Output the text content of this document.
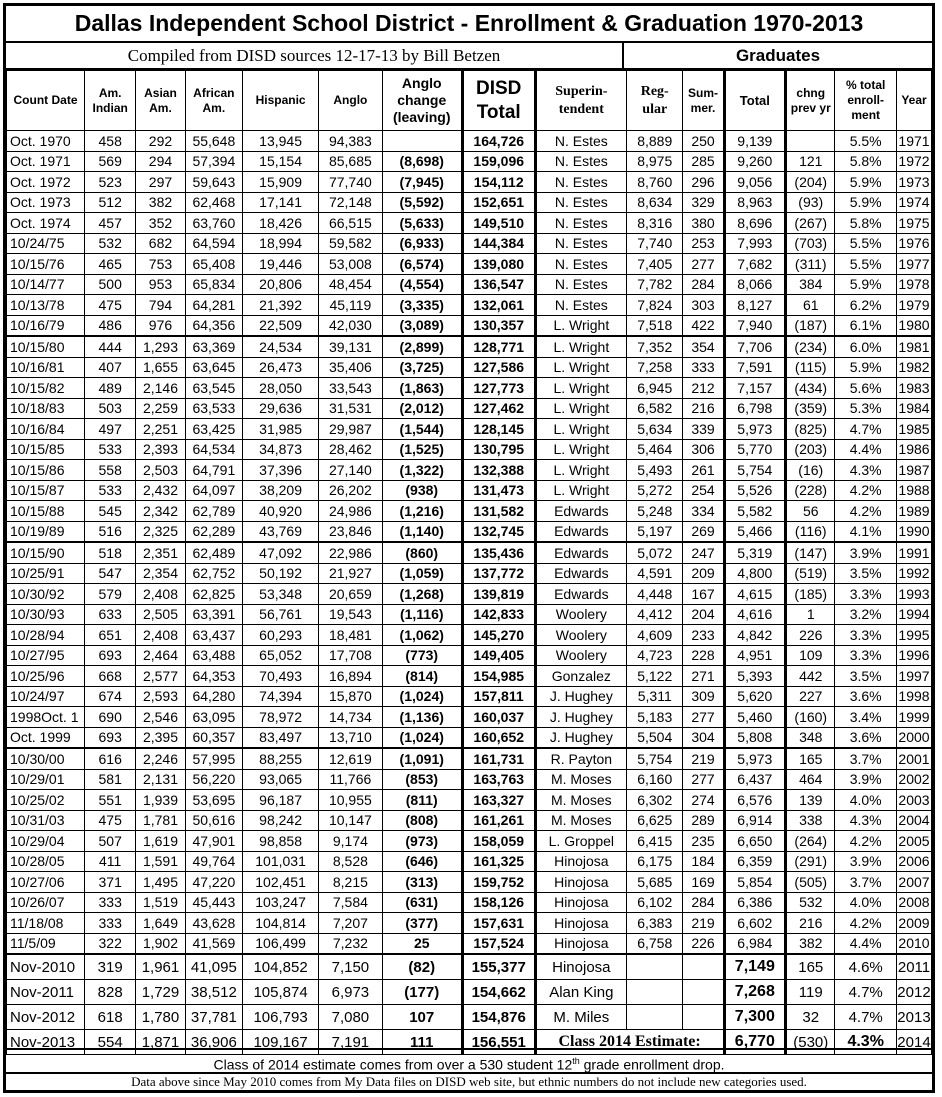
Dallas Independent School District - Enrollment & Graduation 1970-2013
Compiled from DISD sources 12-17-13 by Bill Betzen	Graduates
Count Date	Am. Indian	Asian Am.	African Am.	Hispanic	Anglo	Anglo change (leaving)	DISD Total	Superin- tendent	Reg- ular	Sum- mer.	Total	chng prev yr	% total enroll- ment	Year
Oct. 1970	458	292	55,648	13,945	94,383		164,726	N. Estes	8,889	250	9,139		5.5%	1971
Oct. 1971	569	294	57,394	15,154	85,685	(8,698)	159,096	N. Estes	8,975	285	9,260	121	5.8%	1972
Oct. 1972	523	297	59,643	15,909	77,740	(7,945)	154,112	N. Estes	8,760	296	9,056	(204)	5.9%	1973
Oct. 1973	512	382	62,468	17,141	72,148	(5,592)	152,651	N. Estes	8,634	329	8,963	(93)	5.9%	1974
Oct. 1974	457	352	63,760	18,426	66,515	(5,633)	149,510	N. Estes	8,316	380	8,696	(267)	5.8%	1975
10/24/75	532	682	64,594	18,994	59,582	(6,933)	144,384	N. Estes	7,740	253	7,993	(703)	5.5%	1976
10/15/76	465	753	65,408	19,446	53,008	(6,574)	139,080	N. Estes	7,405	277	7,682	(311)	5.5%	1977
10/14/77	500	953	65,834	20,806	48,454	(4,554)	136,547	N. Estes	7,782	284	8,066	384	5.9%	1978
10/13/78	475	794	64,281	21,392	45,119	(3,335)	132,061	N. Estes	7,824	303	8,127	61	6.2%	1979
10/16/79	486	976	64,356	22,509	42,030	(3,089)	130,357	L. Wright	7,518	422	7,940	(187)	6.1%	1980
10/15/80	444	1,293	63,369	24,534	39,131	(2,899)	128,771	L. Wright	7,352	354	7,706	(234)	6.0%	1981
10/16/81	407	1,655	63,645	26,473	35,406	(3,725)	127,586	L. Wright	7,258	333	7,591	(115)	5.9%	1982
10/15/82	489	2,146	63,545	28,050	33,543	(1,863)	127,773	L. Wright	6,945	212	7,157	(434)	5.6%	1983
10/18/83	503	2,259	63,533	29,636	31,531	(2,012)	127,462	L. Wright	6,582	216	6,798	(359)	5.3%	1984
10/16/84	497	2,251	63,425	31,985	29,987	(1,544)	128,145	L. Wright	5,634	339	5,973	(825)	4.7%	1985
10/15/85	533	2,393	64,534	34,873	28,462	(1,525)	130,795	L. Wright	5,464	306	5,770	(203)	4.4%	1986
10/15/86	558	2,503	64,791	37,396	27,140	(1,322)	132,388	L. Wright	5,493	261	5,754	(16)	4.3%	1987
10/15/87	533	2,432	64,097	38,209	26,202	(938)	131,473	L. Wright	5,272	254	5,526	(228)	4.2%	1988
10/15/88	545	2,342	62,789	40,920	24,986	(1,216)	131,582	Edwards	5,248	334	5,582	56	4.2%	1989
10/19/89	516	2,325	62,289	43,769	23,846	(1,140)	132,745	Edwards	5,197	269	5,466	(116)	4.1%	1990
10/15/90	518	2,351	62,489	47,092	22,986	(860)	135,436	Edwards	5,072	247	5,319	(147)	3.9%	1991
10/25/91	547	2,354	62,752	50,192	21,927	(1,059)	137,772	Edwards	4,591	209	4,800	(519)	3.5%	1992
10/30/92	579	2,408	62,825	53,348	20,659	(1,268)	139,819	Edwards	4,448	167	4,615	(185)	3.3%	1993
10/30/93	633	2,505	63,391	56,761	19,543	(1,116)	142,833	Woolery	4,412	204	4,616	1	3.2%	1994
10/28/94	651	2,408	63,437	60,293	18,481	(1,062)	145,270	Woolery	4,609	233	4,842	226	3.3%	1995
10/27/95	693	2,464	63,488	65,052	17,708	(773)	149,405	Woolery	4,723	228	4,951	109	3.3%	1996
10/25/96	668	2,577	64,353	70,493	16,894	(814)	154,985	Gonzalez	5,122	271	5,393	442	3.5%	1997
10/24/97	674	2,593	64,280	74,394	15,870	(1,024)	157,811	J. Hughey	5,311	309	5,620	227	3.6%	1998
1998Oct. 1	690	2,546	63,095	78,972	14,734	(1,136)	160,037	J. Hughey	5,183	277	5,460	(160)	3.4%	1999
Oct. 1999	693	2,395	60,357	83,497	13,710	(1,024)	160,652	J. Hughey	5,504	304	5,808	348	3.6%	2000
10/30/00	616	2,246	57,995	88,255	12,619	(1,091)	161,731	R. Payton	5,754	219	5,973	165	3.7%	2001
10/29/01	581	2,131	56,220	93,065	11,766	(853)	163,763	M. Moses	6,160	277	6,437	464	3.9%	2002
10/25/02	551	1,939	53,695	96,187	10,955	(811)	163,327	M. Moses	6,302	274	6,576	139	4.0%	2003
10/31/03	475	1,781	50,616	98,242	10,147	(808)	161,261	M. Moses	6,625	289	6,914	338	4.3%	2004
10/29/04	507	1,619	47,901	98,858	9,174	(973)	158,059	L. Groppel	6,415	235	6,650	(264)	4.2%	2005
10/28/05	411	1,591	49,764	101,031	8,528	(646)	161,325	Hinojosa	6,175	184	6,359	(291)	3.9%	2006
10/27/06	371	1,495	47,220	102,451	8,215	(313)	159,752	Hinojosa	5,685	169	5,854	(505)	3.7%	2007
10/26/07	333	1,519	45,443	103,247	7,584	(631)	158,126	Hinojosa	6,102	284	6,386	532	4.0%	2008
11/18/08	333	1,649	43,628	104,814	7,207	(377)	157,631	Hinojosa	6,383	219	6,602	216	4.2%	2009
11/5/09	322	1,902	41,569	106,499	7,232	25	157,524	Hinojosa	6,758	226	6,984	382	4.4%	2010
Nov-2010	319	1,961	41,095	104,852	7,150	(82)	155,377	Hinojosa			7,149	165	4.6%	2011
Nov-2011	828	1,729	38,512	105,874	6,973	(177)	154,662	Alan King			7,268	119	4.7%	2012
Nov-2012	618	1,780	37,781	106,793	7,080	107	154,876	M. Miles			7,300	32	4.7%	2013
Nov-2013	554	1,871	36,906	109,167	7,191	111	156,551	Class 2014 Estimate:			6,770	(530)	4.3%	2014
Class of 2014 estimate comes from over a 530 student 12th grade enrollment drop.
Data above since May 2010 comes from My Data files on DISD web site, but ethnic numbers do not include new categories used.
